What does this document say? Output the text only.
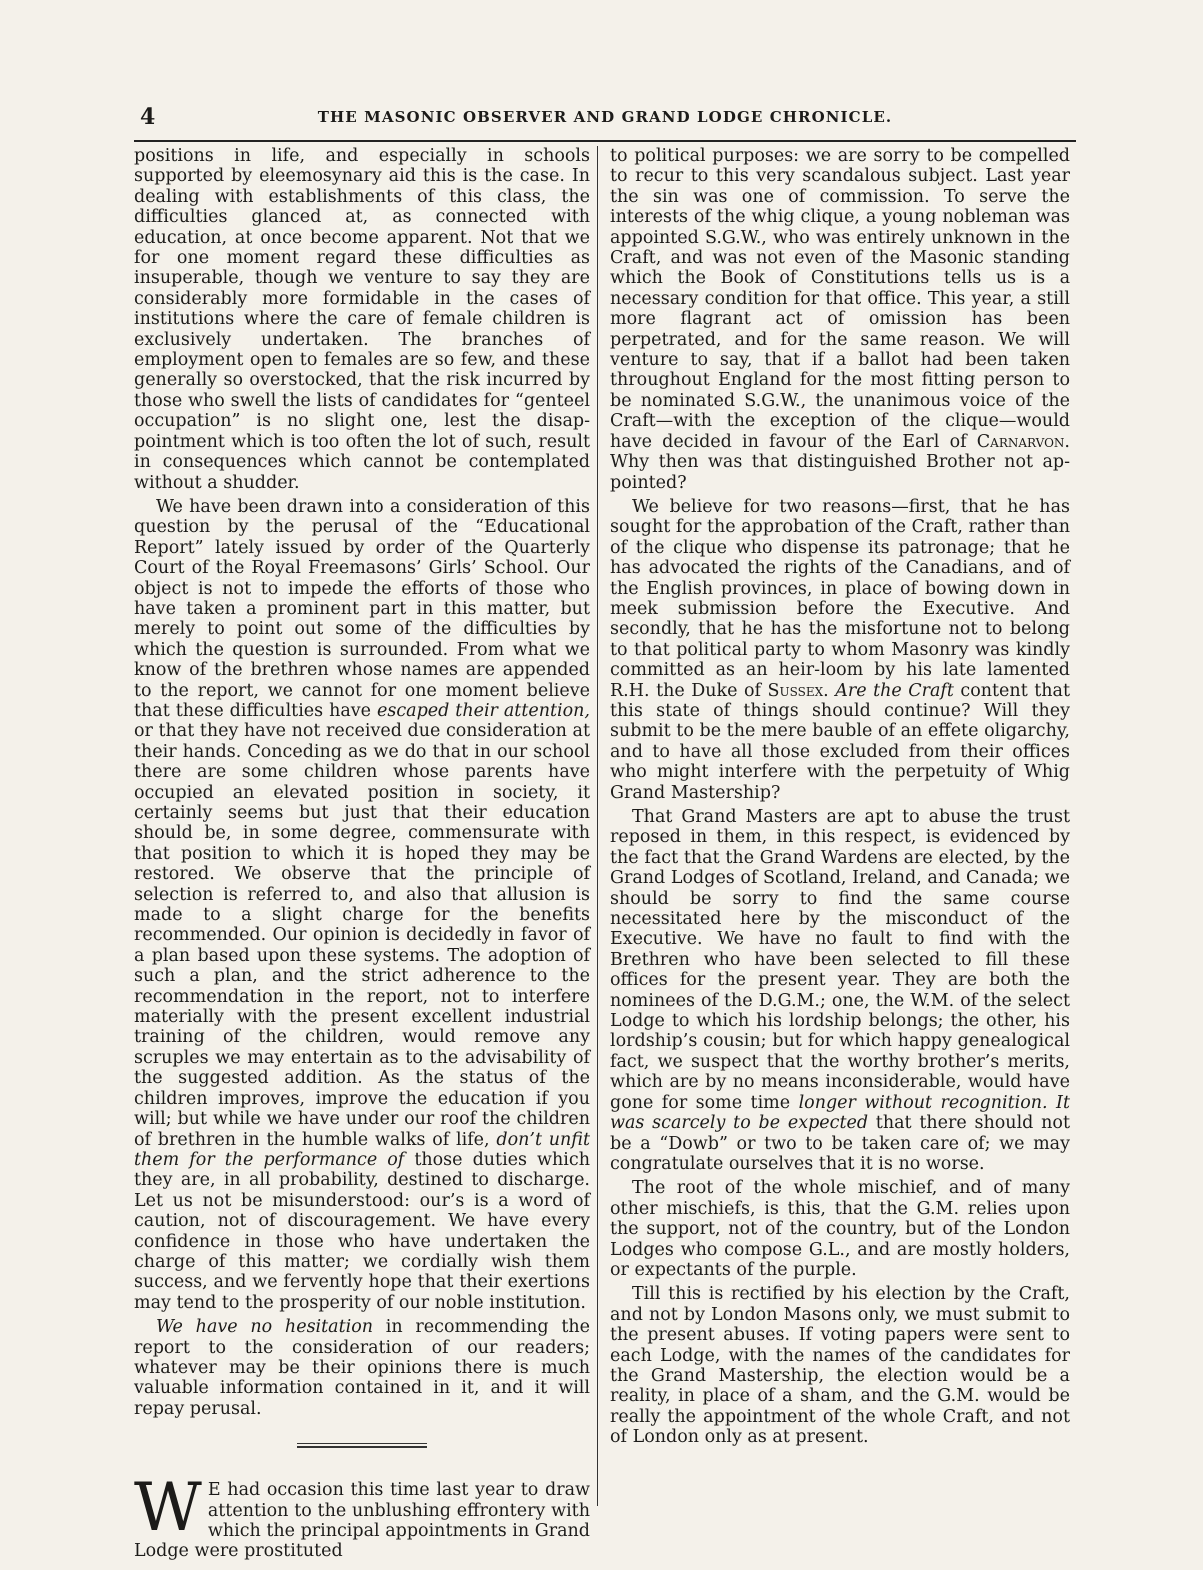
4	THE MASONIC OBSERVER AND GRAND LODGE CHRONICLE.

positions in life, and especially in schools supported by eleemosynary aid this is the case. In dealing with establishments of this class, the difficulties glanced at, as connected with education, at once become apparent. Not that we for one moment regard these difficulties as insuperable, though we venture to say they are considerably more formidable in the cases of institutions where the care of female children is exclusively undertaken. The branches of employment open to females are so few, and these generally so overstocked, that the risk incurred by those who swell the lists of candidates for “genteel occupation” is no slight one, lest the disappointment which is too often the lot of such, result in consequences which cannot be contemplated without a shudder.

We have been drawn into a consideration of this question by the perusal of the “Educational Report” lately issued by order of the Quarterly Court of the Royal Freemasons’ Girls’ School. Our object is not to impede the efforts of those who have taken a prominent part in this matter, but merely to point out some of the difficulties by which the question is surrounded. From what we know of the brethren whose names are appended to the report, we cannot for one moment believe that these difficulties have escaped their attention, or that they have not received due consideration at their hands. Conceding as we do that in our school there are some children whose parents have occupied an elevated position in society, it certainly seems but just that their education should be, in some degree, commensurate with that position to which it is hoped they may be restored. We observe that the principle of selection is referred to, and also that allusion is made to a slight charge for the benefits recommended. Our opinion is decidedly in favor of a plan based upon these systems. The adoption of such a plan, and the strict adherence to the recommendation in the report, not to interfere materially with the present excellent industrial training of the children, would remove any scruples we may entertain as to the advisability of the suggested addition. As the status of the children improves, improve the education if you will; but while we have under our roof the children of brethren in the humble walks of life, don’t unfit them for the performance of those duties which they are, in all probability, destined to discharge. Let us not be misunderstood: our’s is a word of caution, not of discouragement. We have every confidence in those who have undertaken the charge of this matter; we cordially wish them success, and we fervently hope that their exertions may tend to the prosperity of our noble institution.

We have no hesitation in recommending the report to the consideration of our readers; whatever may be their opinions there is much valuable information contained in it, and it will repay perusal.

W E had occasion this time last year to draw attention to the unblushing effrontery with which the principal appointments in Grand Lodge were prostituted

to political purposes: we are sorry to be compelled to recur to this very scandalous subject. Last year the sin was one of commission. To serve the interests of the whig clique, a young nobleman was appointed S.G.W., who was entirely unknown in the Craft, and was not even of the Masonic standing which the Book of Constitutions tells us is a necessary condition for that office. This year, a still more flagrant act of omission has been perpetrated, and for the same reason. We will venture to say, that if a ballot had been taken throughout England for the most fitting person to be nominated S.G.W., the unanimous voice of the Craft—with the exception of the clique—would have decided in favour of the Earl of Carnarvon. Why then was that distinguished Brother not appointed?

We believe for two reasons—first, that he has sought for the approbation of the Craft, rather than of the clique who dispense its patronage; that he has advocated the rights of the Canadians, and of the English provinces, in place of bowing down in meek submission before the Executive. And secondly, that he has the misfortune not to belong to that political party to whom Masonry was kindly committed as an heir-loom by his late lamented R.H. the Duke of Sussex. Are the Craft content that this state of things should continue? Will they submit to be the mere bauble of an effete oligarchy, and to have all those excluded from their offices who might interfere with the perpetuity of Whig Grand Mastership?

That Grand Masters are apt to abuse the trust reposed in them, in this respect, is evidenced by the fact that the Grand Wardens are elected, by the Grand Lodges of Scotland, Ireland, and Canada; we should be sorry to find the same course necessitated here by the misconduct of the Executive. We have no fault to find with the Brethren who have been selected to fill these offices for the present year. They are both the nominees of the D.G.M.; one, the W.M. of the select Lodge to which his lordship belongs; the other, his lordship’s cousin; but for which happy genealogical fact, we suspect that the worthy brother’s merits, which are by no means inconsiderable, would have gone for some time longer without recognition. It was scarcely to be expected that there should not be a “Dowb” or two to be taken care of; we may congratulate ourselves that it is no worse.

The root of the whole mischief, and of many other mischiefs, is this, that the G.M. relies upon the support, not of the country, but of the London Lodges who compose G.L., and are mostly holders, or expectants of the purple.

Till this is rectified by his election by the Craft, and not by London Masons only, we must submit to the present abuses. If voting papers were sent to each Lodge, with the names of the candidates for the Grand Mastership, the election would be a reality, in place of a sham, and the G.M. would be really the appointment of the whole Craft, and not of London only as at present.
